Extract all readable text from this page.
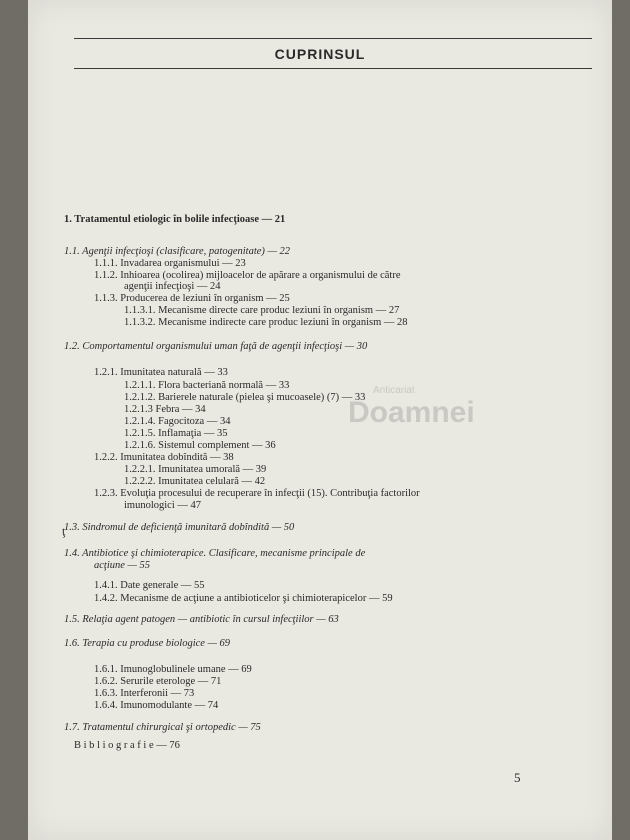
CUPRINSUL
Anticariat
Doamnei
1. Tratamentul etiologic în bolile infecţioase — 21
1.1. Agenţii infecţioşi (clasificare, patogenitate) — 22
1.1.1. Invadarea organismului — 23
1.1.2. Inhioarea (ocolirea) mijloacelor de apărare a organismului de către
agenţii infecţioşi — 24
1.1.3. Producerea de leziuni în organism — 25
1.1.3.1. Mecanisme directe care produc leziuni în organism — 27
1.1.3.2. Mecanisme indirecte care produc leziuni în organism — 28
1.2. Comportamentul organismului uman faţă de agenţii infecţioşi — 30
1.2.1. Imunitatea naturală — 33
1.2.1.1. Flora bacteriană normală — 33
1.2.1.2. Barierele naturale (pielea şi mucoasele) (7) — 33
1.2.1.3 Febra — 34
1.2.1.4. Fagocitoza — 34
1.2.1.5. Inflamaţia — 35
1.2.1.6. Sistemul complement — 36
1.2.2. Imunitatea dobîndită — 38
1.2.2.1. Imunitatea umorală — 39
1.2.2.2. Imunitatea celulară — 42
1.2.3. Evoluţia procesului de recuperare în infecţii (15). Contribuţia factorilor
imunologici — 47
ţ
1.3. Sindromul de deficienţă imunitară dobîndită — 50
1.4. Antibiotice şi chimioterapice. Clasificare, mecanisme principale de
acţiune — 55
1.4.1. Date generale — 55
1.4.2. Mecanisme de acţiune a antibioticelor şi chimioterapicelor — 59
1.5. Relaţia agent patogen — antibiotic în cursul infecţiilor — 63
1.6. Terapia cu produse biologice — 69
1.6.1. Imunoglobulinele umane — 69
1.6.2. Serurile eterologe — 71
1.6.3. Interferonii — 73
1.6.4. Imunomodulante — 74
1.7. Tratamentul chirurgical şi ortopedic — 75
B i b l i o g r a f i e — 76
5
